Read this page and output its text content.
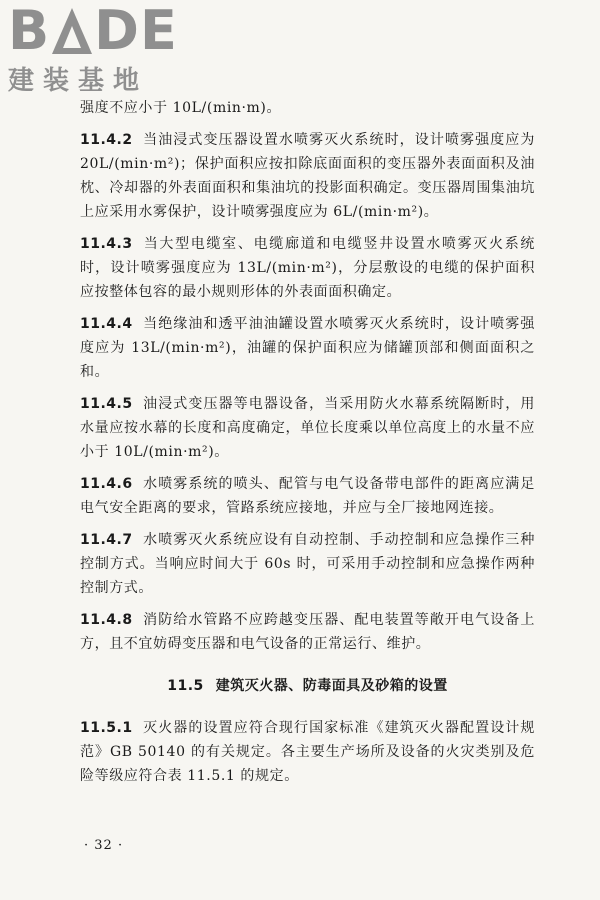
B DE
建装基地
强度不应小于 10L/(min·m)。
11.4.2 当油浸式变压器设置水喷雾灭火系统时，设计喷雾强度应为 20L/(min·m²)；保护面积应按扣除底面面积的变压器外表面面积及油枕、冷却器的外表面面积和集油坑的投影面积确定。变压器周围集油坑上应采用水雾保护，设计喷雾强度应为 6L/(min·m²)。
11.4.3 当大型电缆室、电缆廊道和电缆竖井设置水喷雾灭火系统时，设计喷雾强度应为 13L/(min·m²)，分层敷设的电缆的保护面积应按整体包容的最小规则形体的外表面面积确定。
11.4.4 当绝缘油和透平油油罐设置水喷雾灭火系统时，设计喷雾强度应为 13L/(min·m²)，油罐的保护面积应为储罐顶部和侧面面积之和。
11.4.5 油浸式变压器等电器设备，当采用防火水幕系统隔断时，用水量应按水幕的长度和高度确定，单位长度乘以单位高度上的水量不应小于 10L/(min·m²)。
11.4.6 水喷雾系统的喷头、配管与电气设备带电部件的距离应满足电气安全距离的要求，管路系统应接地，并应与全厂接地网连接。
11.4.7 水喷雾灭火系统应设有自动控制、手动控制和应急操作三种控制方式。当响应时间大于 60s 时，可采用手动控制和应急操作两种控制方式。
11.4.8 消防给水管路不应跨越变压器、配电装置等敞开电气设备上方，且不宜妨碍变压器和电气设备的正常运行、维护。
11.5 建筑灭火器、防毒面具及砂箱的设置
11.5.1 灭火器的设置应符合现行国家标准《建筑灭火器配置设计规范》GB 50140 的有关规定。各主要生产场所及设备的火灾类别及危险等级应符合表 11.5.1 的规定。
· 32 ·
